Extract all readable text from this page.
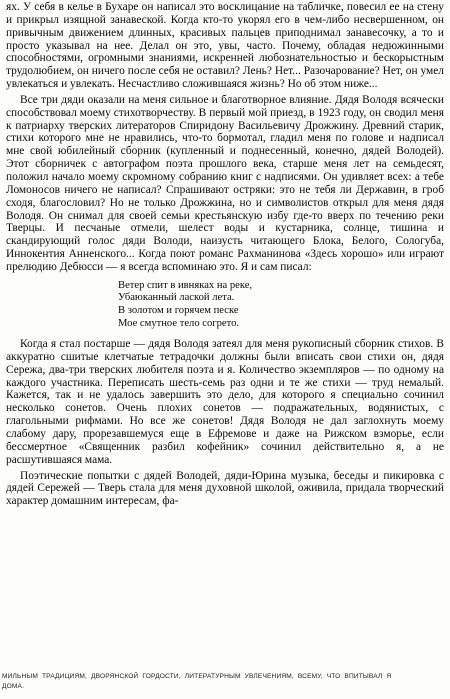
ях. У себя в келье в Бухаре он написал это восклицание на табличке, повесил ее на стену и прикрыл изящной занавеской. Когда кто-то укорял его в чем-либо несвершенном, он привычным движением длинных, красивых пальцев приподнимал занавесочку, а то и просто указывал на нее. Делал он это, увы, часто. Почему, обладая недюжинными способностями, огромными знаниями, искренней любознательностью и бескорыстным трудолюбием, он ничего после себя не оставил? Лень? Нет... Разочарование? Нет, он умел увлекаться и увлекать. Несчастливо сложившаяся жизнь? Но об этом ниже...

Все три дяди оказали на меня сильное и благотворное влияние. Дядя Володя всячески способствовал моему стихотворчеству. В первый мой приезд, в 1923 году, он сводил меня к патриарху тверских литераторов Спиридону Васильевичу Дрожжину. Древний старик, стихи которого мне не нравились, что-то бормотал, гладил меня по голове и надписал мне свой юбилейный сборник (купленный и поднесенный, конечно, дядей Володей). Этот сборничек с автографом поэта прошлого века, старше меня лет на семьдесят, положил начало моему скромному собранию книг с надписями. Он удивляет всех: а тебе Ломоносов ничего не написал? Спрашивают остряки: это не тебя ли Державин, в гроб сходя, благословил? Но не только Дрожжина, но и символистов открыл для меня дядя Володя. Он снимал для своей семьи крестьянскую избу где-то вверх по течению реки Тверцы. И песчаные отмели, шелест воды и кустарника, солнце, тишина и скандирующий голос дяди Володи, наизусть читающего Блока, Белого, Сологуба, Иннокентия Анненского... Когда поют романс Рахманинова «Здесь хорошо» или играют прелюдию Дебюсси — я всегда вспоминаю это. Я и сам писал:

Ветер спит в ивняках на реке,
Убаюканный лаской лета.
В золотом и горячем песке
Мое смутное тело согрето.

Когда я стал постарше — дядя Володя затеял для меня рукописный сборник стихов. В аккуратно сшитые клетчатые тетрадочки должны были вписать свои стихи он, дядя Сережа, два-три тверских любителя поэта и я. Количество экземпляров — по одному на каждого участника. Переписать шесть-семь раз одни и те же стихи — труд немалый. Кажется, так и не удалось завершить это дело, для которого я специально сочинил несколько сонетов. Очень плохих сонетов — подражательных, водянистых, с глагольными рифмами. Но все же сонетов! Дядя Володя не дал заглохнуть моему слабому дару, прорезавшемуся еще в Ефремове и даже на Рижском взморье, если бессмертное «Священник разбил кофейник» сочинил действительно я, а не расшутившаяся мама.

Поэтические попытки с дядей Володей, дяди-Юрина музыка, беседы и пикировка с дядей Сережей — Тверь стала для меня духовной школой, оживила, придала творческий характер домашним интересам, фа-

МИЛЬНЫМ ТРАДИЦИЯМ, ДВОРЯНСКОЙ ГОРДОСТИ, ЛИТЕРАТУРНЫМ УВЛЕЧЕНИЯМ, ВСЕМУ, ЧТО ВПИТЫВАЛ Я
ДОМА.
